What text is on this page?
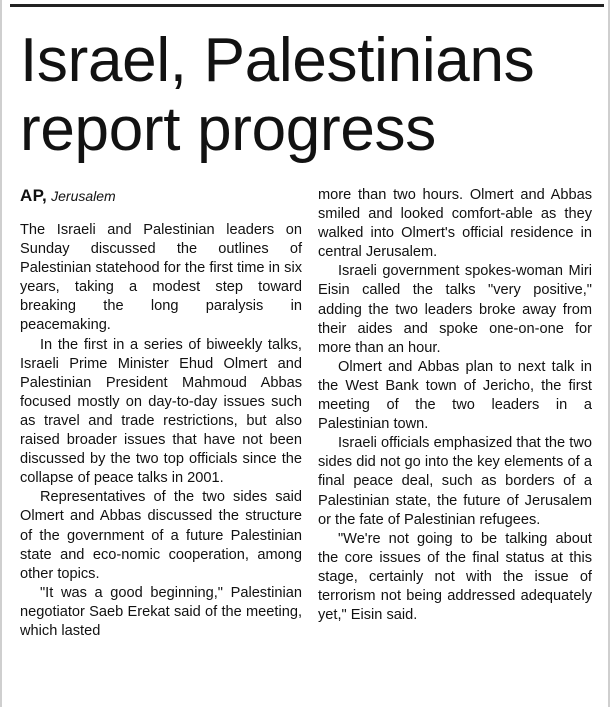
Israel, Palestinians
report progress
AP, Jerusalem

The Israeli and Palestinian leaders on Sunday discussed the outlines of Palestinian statehood for the first time in six years, taking a modest step toward breaking the long paralysis in peacemaking.

In the first in a series of biweekly talks, Israeli Prime Minister Ehud Olmert and Palestinian President Mahmoud Abbas focused mostly on day-to-day issues such as travel and trade restrictions, but also raised broader issues that have not been discussed by the two top officials since the collapse of peace talks in 2001.

Representatives of the two sides said Olmert and Abbas discussed the structure of the government of a future Palestinian state and eco-nomic cooperation, among other topics.

"It was a good beginning," Palestinian negotiator Saeb Erekat said of the meeting, which lasted

more than two hours. Olmert and Abbas smiled and looked comfort-able as they walked into Olmert's official residence in central Jerusalem.

Israeli government spokes-woman Miri Eisin called the talks "very positive," adding the two leaders broke away from their aides and spoke one-on-one for more than an hour.

Olmert and Abbas plan to next talk in the West Bank town of Jericho, the first meeting of the two leaders in a Palestinian town.

Israeli officials emphasized that the two sides did not go into the key elements of a final peace deal, such as borders of a Palestinian state, the future of Jerusalem or the fate of Palestinian refugees.

"We're not going to be talking about the core issues of the final status at this stage, certainly not with the issue of terrorism not being addressed adequately yet," Eisin said.
